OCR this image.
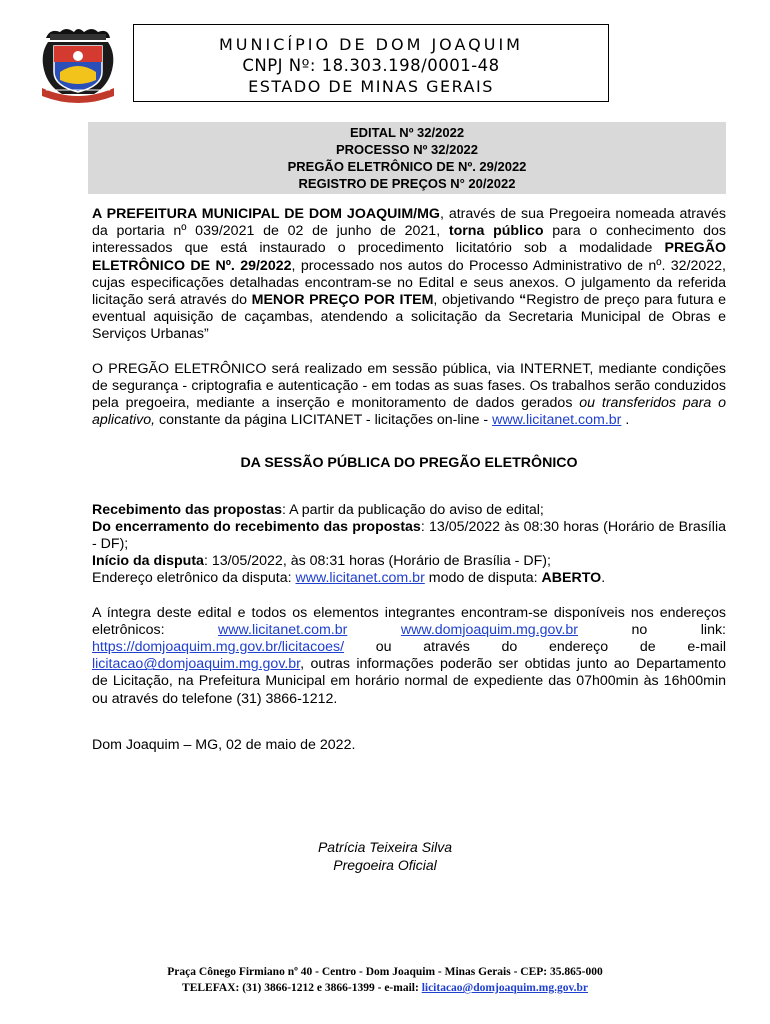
MUNICÍPIO DE DOM JOAQUIM
CNPJ Nº: 18.303.198/0001-48
ESTADO DE MINAS GERAIS
EDITAL Nº 32/2022
PROCESSO Nº 32/2022
PREGÃO ELETRÔNICO DE Nº. 29/2022
REGISTRO DE PREÇOS N° 20/2022

A PREFEITURA MUNICIPAL DE DOM JOAQUIM/MG, através de sua Pregoeira nomeada através da portaria nº 039/2021 de 02 de junho de 2021, torna público para o conhecimento dos interessados que está instaurado o procedimento licitatório sob a modalidade PREGÃO ELETRÔNICO DE Nº. 29/2022, processado nos autos do Processo Administrativo de nº. 32/2022, cujas especificações detalhadas encontram-se no Edital e seus anexos. O julgamento da referida licitação será através do MENOR PREÇO POR ITEM, objetivando “Registro de preço para futura e eventual aquisição de caçambas, atendendo a solicitação da Secretaria Municipal de Obras e Serviços Urbanas”

O PREGÃO ELETRÔNICO será realizado em sessão pública, via INTERNET, mediante condições de segurança - criptografia e autenticação - em todas as suas fases. Os trabalhos serão conduzidos pela pregoeira, mediante a inserção e monitoramento de dados gerados ou transferidos para o aplicativo, constante da página LICITANET - licitações on-line - www.licitanet.com.br .

DA SESSÃO PÚBLICA DO PREGÃO ELETRÔNICO

Recebimento das propostas: A partir da publicação do aviso de edital;

Do encerramento do recebimento das propostas: 13/05/2022 às 08:30 horas (Horário de Brasília - DF);

Início da disputa: 13/05/2022, às 08:31 horas (Horário de Brasília - DF);

Endereço eletrônico da disputa: www.licitanet.com.br modo de disputa: ABERTO.

A íntegra deste edital e todos os elementos integrantes encontram-se disponíveis nos endereços eletrônicos: www.licitanet.com.br	www.domjoaquim.mg.gov.br no link: https://domjoaquim.mg.gov.br/licitacoes/ ou através do endereço de e-mail licitacao@domjoaquim.mg.gov.br, outras informações poderão ser obtidas junto ao Departamento de Licitação, na Prefeitura Municipal em horário normal de expediente das 07h00min às 16h00min ou através do telefone (31) 3866-1212.

Dom Joaquim – MG, 02 de maio de 2022.

Patrícia Teixeira Silva
Pregoeira Oficial
Praça Cônego Firmiano nº 40 - Centro - Dom Joaquim - Minas Gerais - CEP: 35.865-000
TELEFAX: (31) 3866-1212 e 3866-1399 - e-mail: licitacao@domjoaquim.mg.gov.br
